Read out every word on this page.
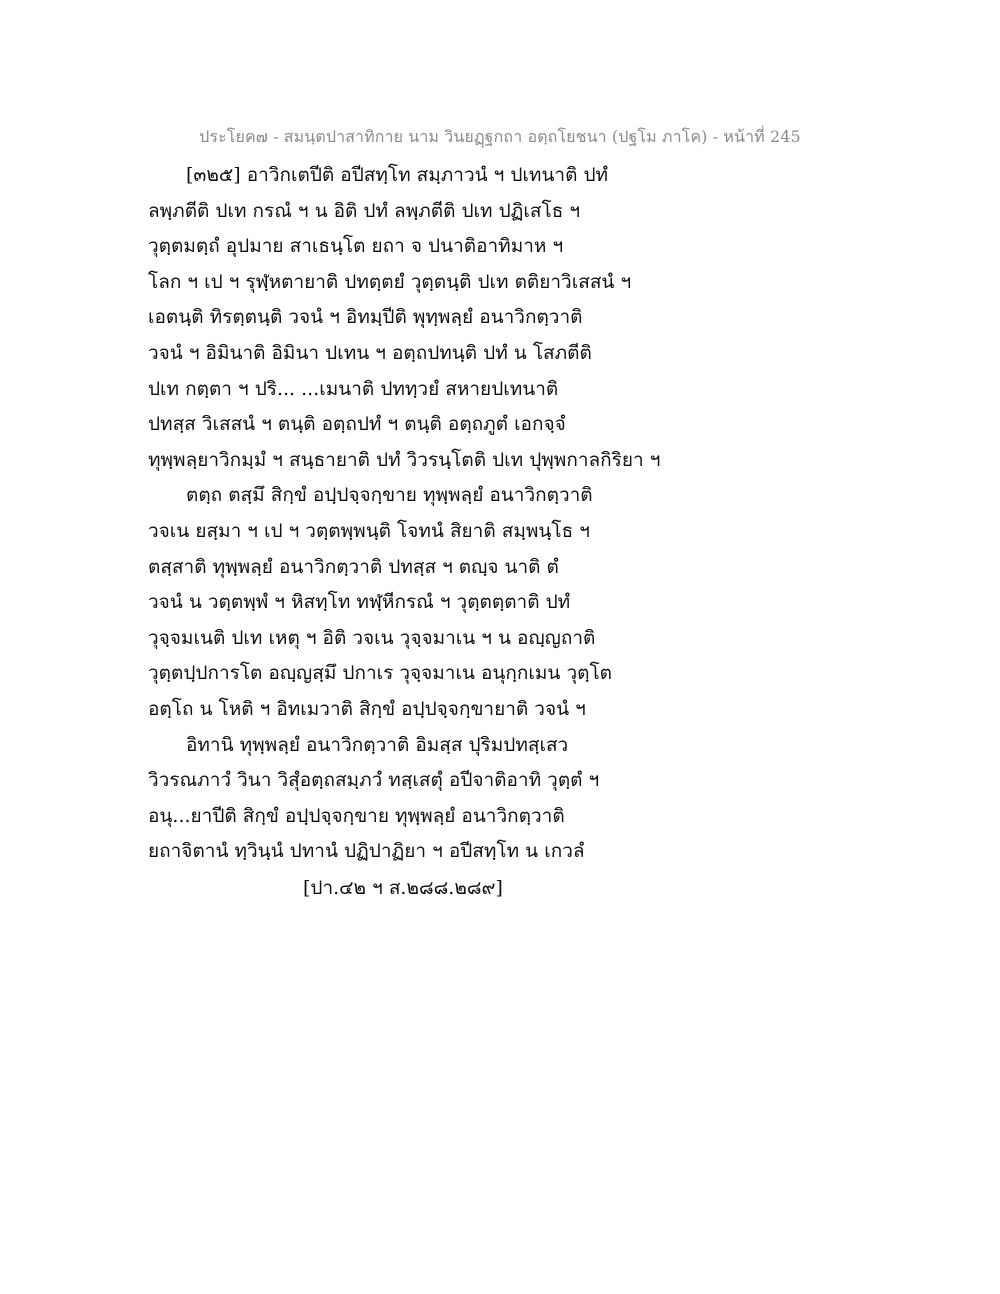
ประโยค๗ - สมนฺตปาสาทิกาย นาม วินยฏฺฐกถา อตฺถโยชนา (ปฐโม ภาโค) - หน้าที่ 245
[๓๒๕] อาวิกเตปีติ อปีสทฺโท สมฺภาวนํ ฯ ปเทนาติ ปทํ
ลพฺภตีติ ปเท กรณํ ฯ น อิติ ปทํ ลพฺภตีติ ปเท ปฏิเสโธ ฯ
วุตฺตมตฺถํ อุปมาย สาเธนฺโต ยถา จ ปนาติอาทิมาห ฯ
โลก ฯ เป ฯ รุฬฺหตายาติ ปทตฺตยํ วุตฺตนฺติ ปเท ตติยาวิเสสนํ ฯ
เอตนฺติ ทิรตฺตนฺติ วจนํ ฯ อิทมฺปีติ พุทฺพลฺยํ อนาวิกตฺวาติ
วจนํ ฯ อิมินาติ อิมินา ปเทน ฯ อตฺถปทนฺติ ปทํ น โสภตีติ
ปเท กตฺตา ฯ ปริ... ...เมนาติ ปททฺวยํ สหายปเทนาติ
ปทสฺส วิเสสนํ ฯ ตนฺติ อตฺถปทํ ฯ ตนฺติ อตฺถภูตํ เอกจฺจํ
ทุพฺพลฺยาวิกมฺมํ ฯ สนฺธายาติ ปทํ วิวรนฺโตติ ปเท ปุพฺพกาลกิริยา ฯ
ตตฺถ ตสฺมึ สิกฺขํ อปฺปจฺจกฺขาย ทุพฺพลฺยํ อนาวิกตฺวาติ
วจเน ยสฺมา ฯ เป ฯ วตฺตพฺพนฺติ โจทนํ สิยาติ สมฺพนฺโธ ฯ
ตสฺสาติ ทุพฺพลฺยํ อนาวิกตฺวาติ ปทสฺส ฯ ตญฺจ นาติ ตํ
วจนํ น วตฺตพฺพํ ฯ หิสทฺโท ทฬฺหีกรณํ ฯ วุตฺตตฺตาติ ปทํ
วุจฺจมเนติ ปเท เหตุ ฯ อิติ วจเน วุจฺจมาเน ฯ น อญฺญถาติ
วุตฺตปฺปการโต อญฺญสฺมึ ปกาเร วุจฺจมาเน อนุกฺกเมน วุตฺโต
อตฺโถ น โหติ ฯ อิทเมวาติ สิกฺขํ อปฺปจฺจกฺขายาติ วจนํ ฯ
อิทานิ ทุพฺพลฺยํ อนาวิกตฺวาติ อิมสฺส ปุริมปทสฺเสว
วิวรณภาวํ วินา วิสุํอตฺถสมฺภวํ ทสฺเสตุํ อปีจาติอาทิ วุตฺตํ ฯ
อนุ...ยาปีติ สิกฺขํ อปฺปจฺจกฺขาย ทุพฺพลฺยํ อนาวิกตฺวาติ
ยถาจิตานํ ทฺวินฺนํ ปทานํ ปฏิปาฏิยา ฯ อปีสทฺโท น เกวลํ
[ปา.๔๒ ฯ ส.๒๘๘.๒๘๙]
